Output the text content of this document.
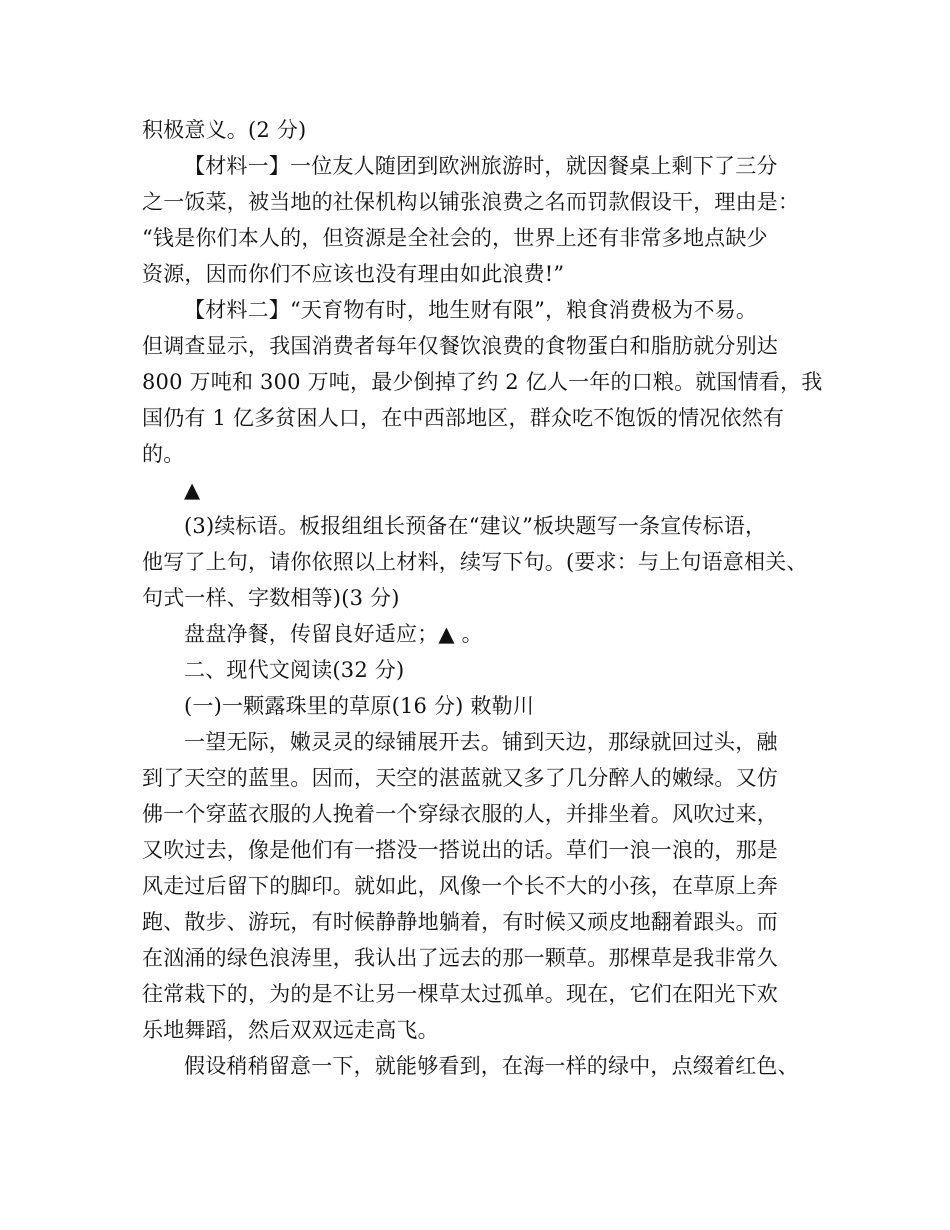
积极意义。(2 分)
【材料一】一位友人随团到欧洲旅游时，就因餐桌上剩下了三分
之一饭菜，被当地的社保机构以铺张浪费之名而罚款假设干，理由是：
“钱是你们本人的，但资源是全社会的，世界上还有非常多地点缺少
资源，因而你们不应该也没有理由如此浪费!”
【材料二】“天育物有时，地生财有限”，粮食消费极为不易。
但调查显示，我国消费者每年仅餐饮浪费的食物蛋白和脂肪就分别达
800 万吨和 300 万吨，最少倒掉了约 2 亿人一年的口粮。就国情看，我
国仍有 1 亿多贫困人口，在中西部地区，群众吃不饱饭的情况依然有
的。
▲
(3)续标语。板报组组长预备在“建议”板块题写一条宣传标语，
他写了上句，请你依照以上材料，续写下句。(要求：与上句语意相关、
句式一样、字数相等)(3 分)
盘盘净餐，传留良好适应；▲ 。
二、现代文阅读(32 分)
(一)一颗露珠里的草原(16 分) 敕勒川
一望无际，嫩灵灵的绿铺展开去。铺到天边，那绿就回过头，融
到了天空的蓝里。因而，天空的湛蓝就又多了几分醉人的嫩绿。又仿
佛一个穿蓝衣服的人挽着一个穿绿衣服的人，并排坐着。风吹过来，
又吹过去，像是他们有一搭没一搭说出的话。草们一浪一浪的，那是
风走过后留下的脚印。就如此，风像一个长不大的小孩，在草原上奔
跑、散步、游玩，有时候静静地躺着，有时候又顽皮地翻着跟头。而
在汹涌的绿色浪涛里，我认出了远去的那一颗草。那棵草是我非常久
往常栽下的，为的是不让另一棵草太过孤单。现在，它们在阳光下欢
乐地舞蹈，然后双双远走高飞。
假设稍稍留意一下，就能够看到，在海一样的绿中，点缀着红色、
